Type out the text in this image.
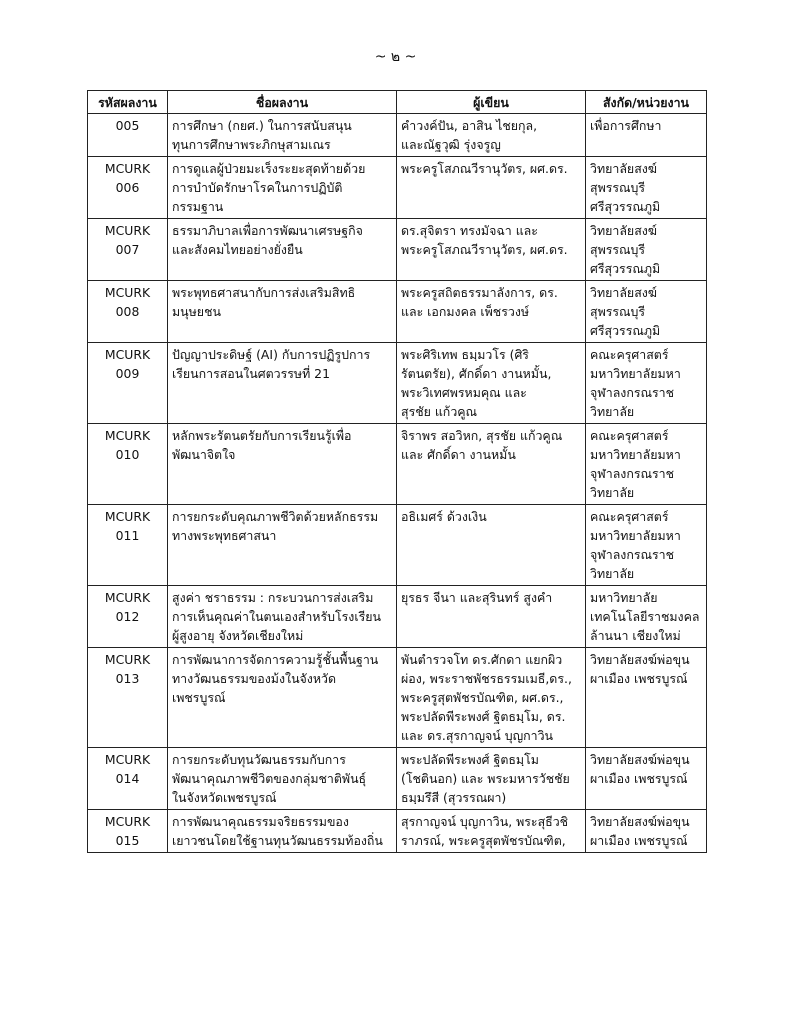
~ ๒ ~
รหัสผลงาน	ชื่อผลงาน	ผู้เขียน	สังกัด/หน่วยงาน

005	การศึกษา (กยศ.) ในการสนับสนุน
ทุนการศึกษาพระภิกษุสามเณร	คำวงค์ปัน, อาสิน ไชยกุล,
และณัฐวุฒิ รุ่งจรูญ	เพื่อการศึกษา

MCURK
006	การดูแลผู้ป่วยมะเร็งระยะสุดท้ายด้วย
การบำบัดรักษาโรคในการปฏิบัติ
กรรมฐาน	พระครูโสภณวีรานุวัตร, ผศ.ดร.	วิทยาลัยสงฆ์
สุพรรณบุรี
ศรีสุวรรณภูมิ

MCURK
007	ธรรมาภิบาลเพื่อการพัฒนาเศรษฐกิจ
และสังคมไทยอย่างยั่งยืน	ดร.สุจิตรา ทรงมัจฉา และ
พระครูโสภณวีรานุวัตร, ผศ.ดร.	วิทยาลัยสงฆ์
สุพรรณบุรี
ศรีสุวรรณภูมิ

MCURK
008	พระพุทธศาสนากับการส่งเสริมสิทธิ
มนุษยชน	พระครูสถิตธรรมาลังการ, ดร.
และ เอกมงคล เพ็ชรวงษ์	วิทยาลัยสงฆ์
สุพรรณบุรี
ศรีสุวรรณภูมิ

MCURK
009	ปัญญาประดิษฐ์ (AI) กับการปฏิรูปการ
เรียนการสอนในศตวรรษที่ 21	พระศิริเทพ ธมฺมวโร (ศิริ
รัตนตรัย), ศักดิ์ดา งานหมั้น,
พระวิเทศพรหมคุณ และ
สุรชัย แก้วคูณ	คณะครุศาสตร์
มหาวิทยาลัยมหา
จุฬาลงกรณราช
วิทยาลัย

MCURK
010	หลักพระรัตนตรัยกับการเรียนรู้เพื่อ
พัฒนาจิตใจ	จิราพร สอวิหก, สุรชัย แก้วคูณ
และ ศักดิ์ดา งานหมั้น	คณะครุศาสตร์
มหาวิทยาลัยมหา
จุฬาลงกรณราช
วิทยาลัย

MCURK
011	การยกระดับคุณภาพชีวิตด้วยหลักธรรม
ทางพระพุทธศาสนา	อธิเมศร์ ด้วงเงิน	คณะครุศาสตร์
มหาวิทยาลัยมหา
จุฬาลงกรณราช
วิทยาลัย

MCURK
012	สูงค่า ชราธรรม : กระบวนการส่งเสริม
การเห็นคุณค่าในตนเองสำหรับโรงเรียน
ผู้สูงอายุ จังหวัดเชียงใหม่	ยุรธร จีนา และสุรินทร์ สูงคำ	มหาวิทยาลัย
เทคโนโลยีราชมงคล
ล้านนา เชียงใหม่

MCURK
013	การพัฒนาการจัดการความรู้ชั้นพื้นฐาน
ทางวัฒนธรรมของม้งในจังหวัด
เพชรบูรณ์	พันตำรวจโท ดร.ศักดา แยกผิว
ผ่อง, พระราชพัชรธรรมเมธี,ดร.,
พระครูสุตพัชรบัณฑิต, ผศ.ดร.,
พระปลัดพีระพงศ์ ฐิตธมฺโม, ดร.
และ ดร.สุรกาญจน์ บุญกาวิน	วิทยาลัยสงฆ์พ่อขุน
ผาเมือง เพชรบูรณ์

MCURK
014	การยกระดับทุนวัฒนธรรมกับการ
พัฒนาคุณภาพชีวิตของกลุ่มชาติพันธุ์
ในจังหวัดเพชรบูรณ์	พระปลัดพีระพงศ์ ฐิตธมฺโม
(โชตินอก) และ พระมหารวัชชัย
ธมฺมรึสี (สุวรรณผา)	วิทยาลัยสงฆ์พ่อขุน
ผาเมือง เพชรบูรณ์

MCURK
015	การพัฒนาคุณธรรมจริยธรรมของ
เยาวชนโดยใช้ฐานทุนวัฒนธรรมท้องถิ่น	สุรกาญจน์ บุญกาวิน, พระสุธีวชิ
ราภรณ์, พระครูสุตพัชรบัณฑิต,	วิทยาลัยสงฆ์พ่อขุน
ผาเมือง เพชรบูรณ์
